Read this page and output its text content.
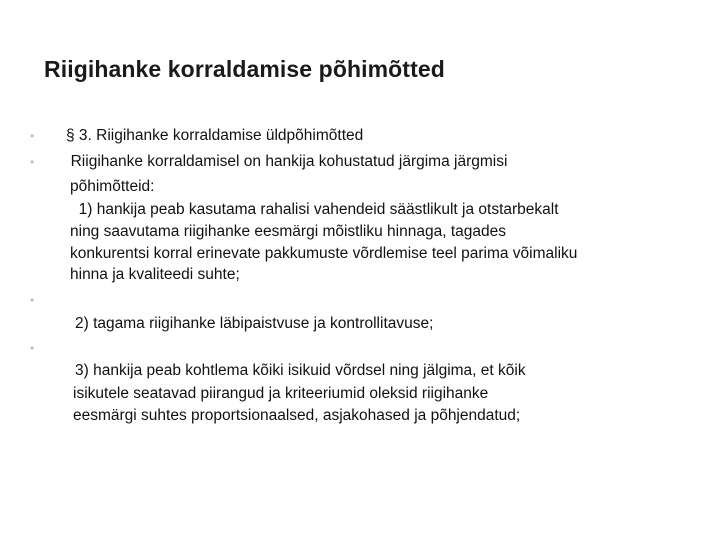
Riigihanke korraldamise põhimõtted
• § 3. Riigihanke korraldamise üldpõhimõtted
• Riigihanke korraldamisel on hankija kohustatud järgima järgmisi
põhimõtteid:
1) hankija peab kasutama rahalisi vahendeid säästlikult ja otstarbekalt
ning saavutama riigihanke eesmärgi mõistliku hinnaga, tagades
konkurentsi korral erinevate pakkumuste võrdlemise teel parima võimaliku
hinna ja kvaliteedi suhte;
•
2) tagama riigihanke läbipaistvuse ja kontrollitavuse;
•
3) hankija peab kohtlema kõiki isikuid võrdsel ning jälgima, et kõik
isikutele seatavad piirangud ja kriteeriumid oleksid riigihanke
eesmärgi suhtes proportsionaalsed, asjakohased ja põhjendatud;
